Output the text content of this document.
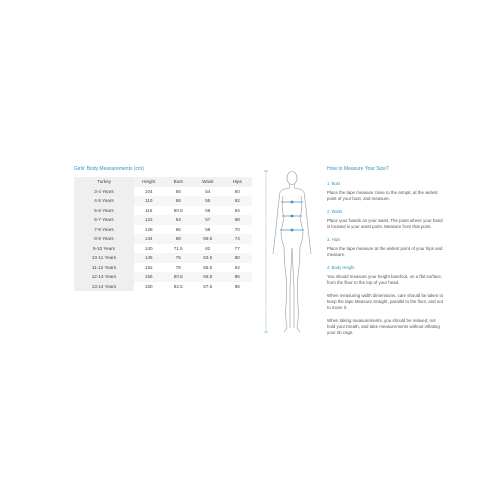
Girls' Body Measurements (cm)
Turkey	Height	Bust	Waist	Hips
3-4 Years	104	56	54	60
4-5 Years	110	58	55	62
5-6 Years	116	60.5	56	64
6-7 Years	122	63	57	68
7-8 Years	128	65	58	70
8-9 Years	134	68	59.5	74
9-10 Years	140	71.5	62	77
10-11 Years	146	75	63.5	80
11-12 Years	152	78	65.5	84
12-13 Years	156	80.5	66.5	86
13-14 Years	160	82.5	67.5	88
How to Measure Your Size?
1. Bust

Place the tape measure close to the armpit, at the widest point of your bust, and measure.

2. Waist

Place your hands on your waist. The point where your hand is located is your waist point. Measure from that point.

3. Hips

Place the tape measure at the widest point of your hips and measure.

4. Body Height

You should measure your height barefoot, on a flat surface, from the floor to the top of your head.

When measuring width dimensions, care should be taken to keep the tape Measure straight, parallel to the floor, and not to move it.

When taking measurements, you should be relaxed, not hold your breath, and take measurements without inflating your rib cage.
